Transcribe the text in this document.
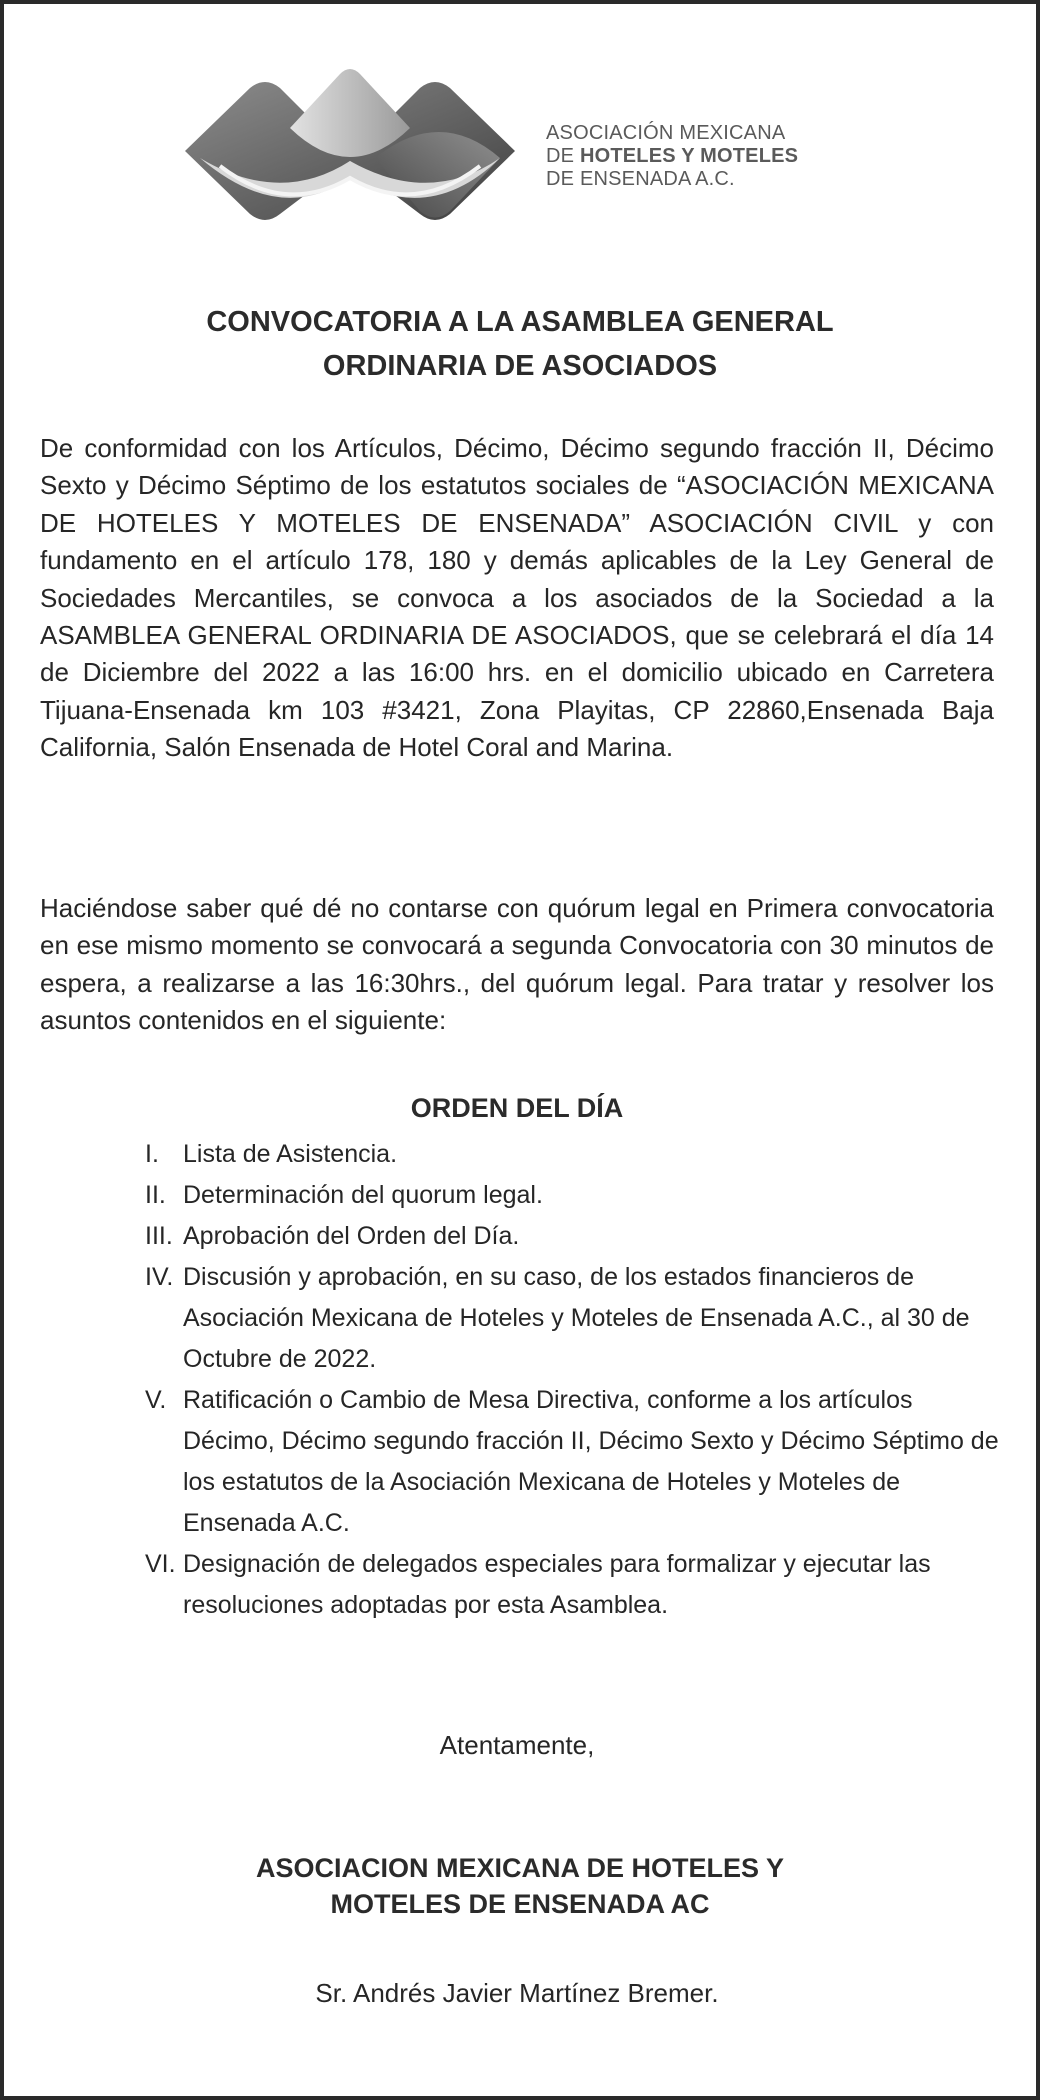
ASOCIACIÓN MEXICANA
DE HOTELES Y MOTELES
DE ENSENADA A.C.
CONVOCATORIA A LA ASAMBLEA GENERAL
ORDINARIA DE ASOCIADOS
De conformidad con los Artículos, Décimo, Décimo segundo fracción II, Décimo Sexto y Décimo Séptimo de los estatutos sociales de “ASOCIACIÓN MEXICANA DE HOTELES Y MOTELES DE ENSENADA” ASOCIACIÓN CIVIL y con fundamento en el artículo 178, 180 y demás aplicables de la Ley General de Sociedades Mercantiles, se convoca a los asociados de la Sociedad a la ASAMBLEA GENERAL ORDINARIA DE ASOCIADOS, que se celebrará el día 14 de Diciembre del 2022 a las 16:00 hrs. en el domicilio ubicado en Carretera Tijuana-Ensenada km 103 #3421, Zona Playitas, CP 22860,Ensenada Baja California, Salón Ensenada de Hotel Coral and Marina.
Haciéndose saber qué dé no contarse con quórum legal en Primera convocatoria en ese mismo momento se convocará a segunda Convocatoria con 30 minutos de espera, a realizarse a las 16:30hrs., del quórum legal. Para tratar y resolver los asuntos contenidos en el siguiente:
ORDEN DEL DÍA
I. Lista de Asistencia.
II. Determinación del quorum legal.
III. Aprobación del Orden del Día.
IV. Discusión y aprobación, en su caso, de los estados financieros de Asociación Mexicana de Hoteles y Moteles de Ensenada A.C., al 30 de Octubre de 2022.
V. Ratificación o Cambio de Mesa Directiva, conforme a los artículos Décimo, Décimo segundo fracción II, Décimo Sexto y Décimo Séptimo de los estatutos de la Asociación Mexicana de Hoteles y Moteles de Ensenada A.C.
VI. Designación de delegados especiales para formalizar y ejecutar las resoluciones adoptadas por esta Asamblea.
Atentamente,
ASOCIACION MEXICANA DE HOTELES Y
MOTELES DE ENSENADA AC
Sr. Andrés Javier Martínez Bremer.
